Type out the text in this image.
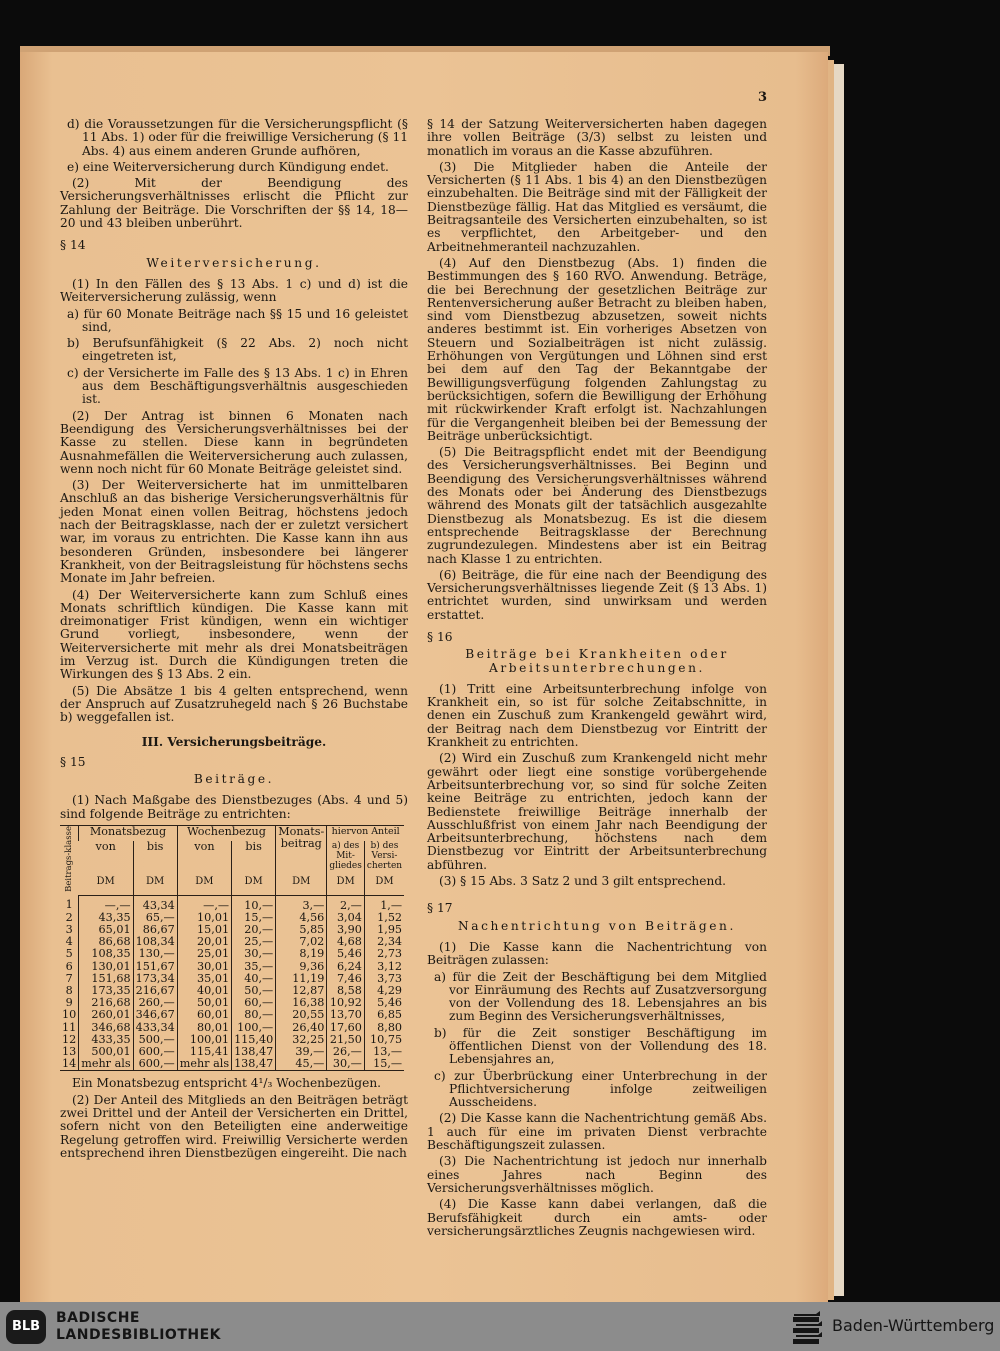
3

d) die Voraussetzungen für die Versicherungspflicht (§ 11 Abs. 1) oder für die freiwillige Versicherung (§ 11 Abs. 4) aus einem anderen Grunde aufhören,

e) eine Weiterversicherung durch Kündigung endet.

(2) Mit der Beendigung des Versicherungsverhältnisses erlischt die Pflicht zur Zahlung der Beiträge. Die Vorschriften der §§ 14, 18—20 und 43 bleiben unberührt.

§ 14

Weiterversicherung.

(1) In den Fällen des § 13 Abs. 1 c) und d) ist die Weiterversicherung zulässig, wenn

a) für 60 Monate Beiträge nach §§ 15 und 16 geleistet sind,

b) Berufsunfähigkeit (§ 22 Abs. 2) noch nicht eingetreten ist,

c) der Versicherte im Falle des § 13 Abs. 1 c) in Ehren aus dem Beschäftigungsverhältnis ausgeschieden ist.

(2) Der Antrag ist binnen 6 Monaten nach Beendigung des Versicherungsverhältnisses bei der Kasse zu stellen. Diese kann in begründeten Ausnahmefällen die Weiterversicherung auch zulassen, wenn noch nicht für 60 Monate Beiträge geleistet sind.

(3) Der Weiterversicherte hat im unmittelbaren Anschluß an das bisherige Versicherungsverhältnis für jeden Monat einen vollen Beitrag, höchstens jedoch nach der Beitragsklasse, nach der er zuletzt versichert war, im voraus zu entrichten. Die Kasse kann ihn aus besonderen Gründen, insbesondere bei längerer Krankheit, von der Beitragsleistung für höchstens sechs Monate im Jahr befreien.

(4) Der Weiterversicherte kann zum Schluß eines Monats schriftlich kündigen. Die Kasse kann mit dreimonatiger Frist kündigen, wenn ein wichtiger Grund vorliegt, insbesondere, wenn der Weiterversicherte mit mehr als drei Monatsbeiträgen im Verzug ist. Durch die Kündigungen treten die Wirkungen des § 13 Abs. 2 ein.

(5) Die Absätze 1 bis 4 gelten entsprechend, wenn der Anspruch auf Zusatzruhegeld nach § 26 Buchstabe b) weggefallen ist.

III. Versicherungsbeiträge.

§ 15

Beiträge.

(1) Nach Maßgabe des Dienstbezuges (Abs. 4 und 5) sind folgende Beiträge zu entrichten:

Beitrags-klasse	Monatsbezug		Wochenbezug		Monats-beitrag	hiervon Anteil	
	von	bis	von	bis		a) des Mit-gliedes	b) des Versi-cherten
	DM	DM	DM	DM	DM	DM	DM
1	—,—	43,34	—,—	10,—	3,—	2,—	1,—
2	43,35	65,—	10,01	15,—	4,56	3,04	1,52
3	65,01	86,67	15,01	20,—	5,85	3,90	1,95
4	86,68	108,34	20,01	25,—	7,02	4,68	2,34
5	108,35	130,—	25,01	30,—	8,19	5,46	2,73
6	130,01	151,67	30,01	35,—	9,36	6,24	3,12
7	151,68	173,34	35,01	40,—	11,19	7,46	3,73
8	173,35	216,67	40,01	50,—	12,87	8,58	4,29
9	216,68	260,—	50,01	60,—	16,38	10,92	5,46
10	260,01	346,67	60,01	80,—	20,55	13,70	6,85
11	346,68	433,34	80,01	100,—	26,40	17,60	8,80
12	433,35	500,—	100,01	115,40	32,25	21,50	10,75
13	500,01	600,—	115,41	138,47	39,—	26,—	13,—
14	mehr als	600,—	mehr als	138,47	45,—	30,—	15,—

Ein Monatsbezug entspricht 4¹/₃ Wochenbezügen.

(2) Der Anteil des Mitglieds an den Beiträgen beträgt zwei Drittel und der Anteil der Versicherten ein Drittel, sofern nicht von den Beteiligten eine anderweitige Regelung getroffen wird. Freiwillig Versicherte werden entsprechend ihren Dienstbezügen eingereiht. Die nach

§ 14 der Satzung Weiterversicherten haben dagegen ihre vollen Beiträge (3/3) selbst zu leisten und monatlich im voraus an die Kasse abzuführen.

(3) Die Mitglieder haben die Anteile der Versicherten (§ 11 Abs. 1 bis 4) an den Dienstbezügen einzubehalten. Die Beiträge sind mit der Fälligkeit der Dienstbezüge fällig. Hat das Mitglied es versäumt, die Beitragsanteile des Versicherten einzubehalten, so ist es verpflichtet, den Arbeitgeber- und den Arbeitnehmeranteil nachzuzahlen.

(4) Auf den Dienstbezug (Abs. 1) finden die Bestimmungen des § 160 RVO. Anwendung. Beträge, die bei Berechnung der gesetzlichen Beiträge zur Rentenversicherung außer Betracht zu bleiben haben, sind vom Dienstbezug abzusetzen, soweit nichts anderes bestimmt ist. Ein vorheriges Absetzen von Steuern und Sozialbeiträgen ist nicht zulässig. Erhöhungen von Vergütungen und Löhnen sind erst bei dem auf den Tag der Bekanntgabe der Bewilligungsverfügung folgenden Zahlungstag zu berücksichtigen, sofern die Bewilligung der Erhöhung mit rückwirkender Kraft erfolgt ist. Nachzahlungen für die Vergangenheit bleiben bei der Bemessung der Beiträge unberücksichtigt.

(5) Die Beitragspflicht endet mit der Beendigung des Versicherungsverhältnisses. Bei Beginn und Beendigung des Versicherungsverhältnisses während des Monats oder bei Änderung des Dienstbezugs während des Monats gilt der tatsächlich ausgezahlte Dienstbezug als Monatsbezug. Es ist die diesem entsprechende Beitragsklasse der Berechnung zugrundezulegen. Mindestens aber ist ein Beitrag nach Klasse 1 zu entrichten.

(6) Beiträge, die für eine nach der Beendigung des Versicherungsverhältnisses liegende Zeit (§ 13 Abs. 1) entrichtet wurden, sind unwirksam und werden erstattet.

§ 16

Beiträge bei Krankheiten oder Arbeitsunterbrechungen.

(1) Tritt eine Arbeitsunterbrechung infolge von Krankheit ein, so ist für solche Zeitabschnitte, in denen ein Zuschuß zum Krankengeld gewährt wird, der Beitrag nach dem Dienstbezug vor Eintritt der Krankheit zu entrichten.

(2) Wird ein Zuschuß zum Krankengeld nicht mehr gewährt oder liegt eine sonstige vorübergehende Arbeitsunterbrechung vor, so sind für solche Zeiten keine Beiträge zu entrichten, jedoch kann der Bedienstete freiwillige Beiträge innerhalb der Ausschlußfrist von einem Jahr nach Beendigung der Arbeitsunterbrechung, höchstens nach dem Dienstbezug vor Eintritt der Arbeitsunterbrechung abführen.

(3) § 15 Abs. 3 Satz 2 und 3 gilt entsprechend.

§ 17

Nachentrichtung von Beiträgen.

(1) Die Kasse kann die Nachentrichtung von Beiträgen zulassen:

a) für die Zeit der Beschäftigung bei dem Mitglied vor Einräumung des Rechts auf Zusatzversorgung von der Vollendung des 18. Lebensjahres an bis zum Beginn des Versicherungsverhältnisses,

b) für die Zeit sonstiger Beschäftigung im öffentlichen Dienst von der Vollendung des 18. Lebensjahres an,

c) zur Überbrückung einer Unterbrechung in der Pflichtversicherung infolge zeitweiligen Ausscheidens.

(2) Die Kasse kann die Nachentrichtung gemäß Abs. 1 auch für eine im privaten Dienst verbrachte Beschäftigungszeit zulassen.

(3) Die Nachentrichtung ist jedoch nur innerhalb eines Jahres nach Beginn des Versicherungsverhältnisses möglich.

(4) Die Kasse kann dabei verlangen, daß die Berufsfähigkeit durch ein amts- oder versicherungsärztliches Zeugnis nachgewiesen wird.

BLB
BADISCHE
LANDESBIBLIOTHEK	Baden-Württemberg
